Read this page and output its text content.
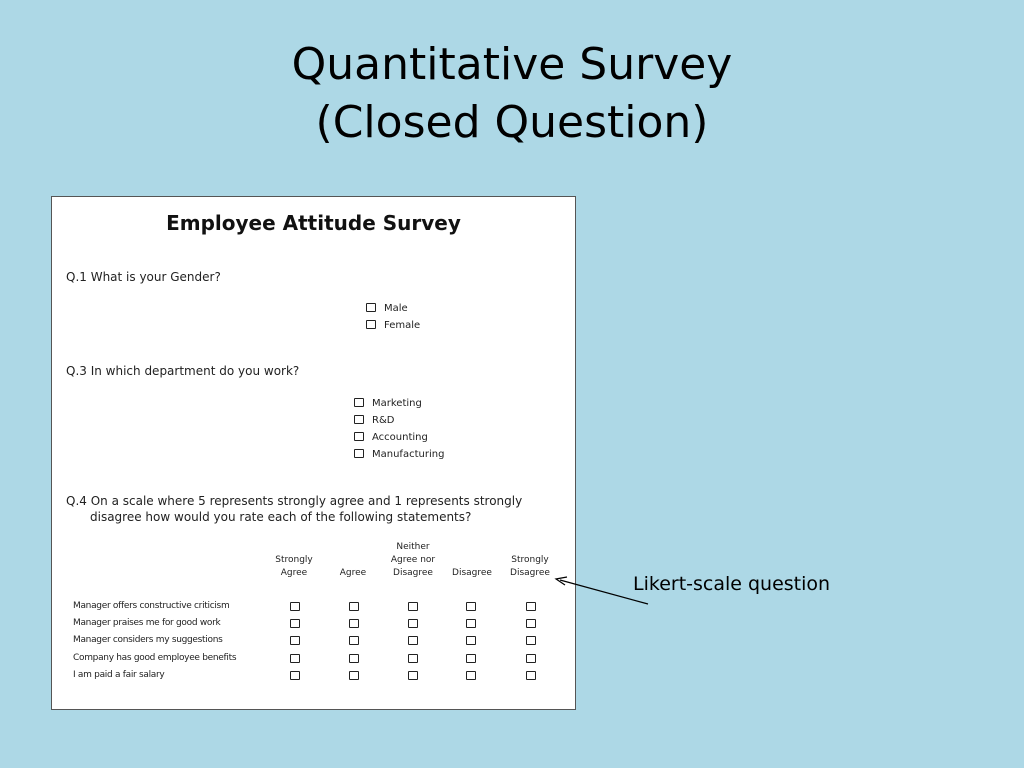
Quantitative Survey
(Closed Question)
Employee Attitude Survey
Q.1 What is your Gender?
Male
Female
Q.3 In which department do you work?
Marketing
R&D
Accounting
Manufacturing
Q.4 On a scale where 5 represents strongly agree and 1 represents strongly
disagree how would you rate each of the following statements?

Strongly
Agree

	Agree
Neither
Agree nor
Disagree

	Disagree

Strongly
Disagree
Manager offers constructive criticism
Manager praises me for good work
Manager considers my suggestions
Company has good employee benefits
I am paid a fair salary
Likert-scale question
